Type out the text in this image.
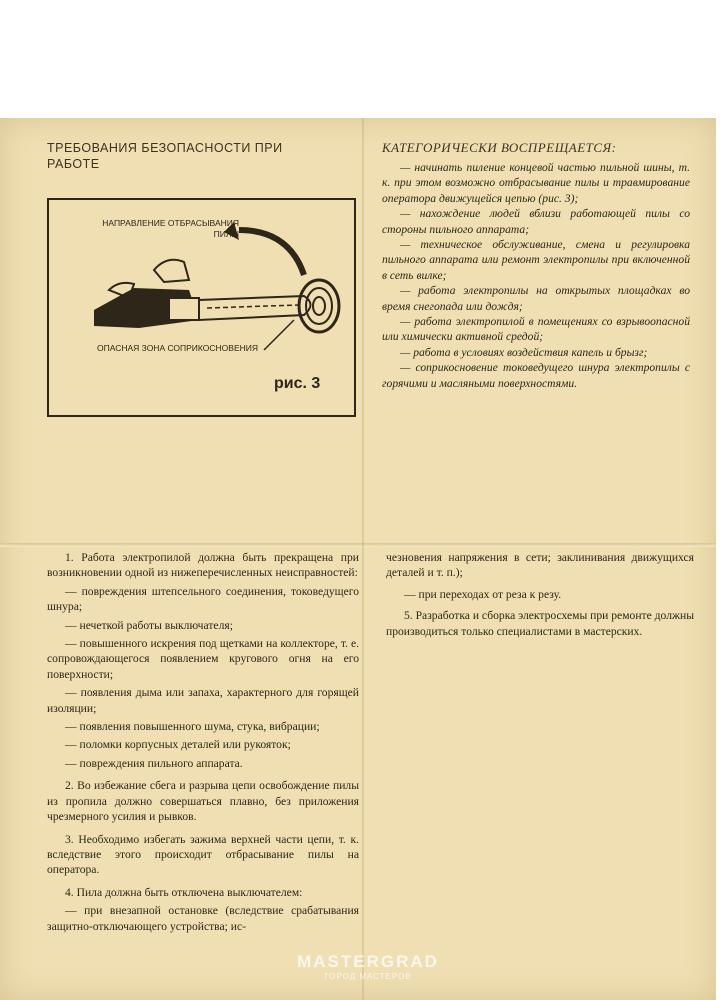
ТРЕБОВАНИЯ БЕЗОПАСНОСТИ ПРИ РАБОТЕ
НАПРАВЛЕНИЕ ОТБРАСЫВАНИЯ ПИЛЫ
ОПАСНАЯ ЗОНА СОПРИКОСНОВЕНИЯ
рис. 3
КАТЕГОРИЧЕСКИ ВОСПРЕЩАЕТСЯ:

— начинать пиление концевой частью пильной шины, т. к. при этом возможно отбрасывание пилы и травмирование оператора движущейся цепью (рис. 3);

— нахождение людей вблизи работающей пилы со стороны пильного аппарата;

— техническое обслуживание, смена и регулировка пильного аппарата или ремонт электропилы при включенной в сеть вилке;

— работа электропилы на открытых площадках во время снегопада или дождя;

— работа электропилой в помещениях со взрывоопасной или химически активной средой;

— работа в условиях воздействия капель и брызг;

— соприкосновение токоведущего шнура электропилы с горячими и масляными поверхностями.

1. Работа электропилой должна быть прекращена при возникновении одной из нижеперечисленных неисправностей:

— повреждения штепсельного соединения, токоведущего шнура;

— нечеткой работы выключателя;

— повышенного искрения под щетками на коллекторе, т. е. сопровождающегося появлением кругового огня на его поверхности;

— появления дыма или запаха, характерного для горящей изоляции;

— появления повышенного шума, стука, вибрации;

— поломки корпусных деталей или рукояток;

— повреждения пильного аппарата.

2. Во избежание сбега и разрыва цепи освобождение пилы из пропила должно совершаться плавно, без приложения чрезмерного усилия и рывков.

3. Необходимо избегать зажима верхней части цепи, т. к. вследствие этого происходит отбрасывание пилы на оператора.

4. Пила должна быть отключена выключателем:

— при внезапной остановке (вследствие срабатывания защитно-отключающего устройства; ис-

чезновения напряжения в сети; заклинивания движущихся деталей и т. п.);

— при переходах от реза к резу.

5. Разработка и сборка электросхемы при ремонте должны производиться только специалистами в мастерских.

MASTERGRAD
ГОРОД МАСТЕРОВ
